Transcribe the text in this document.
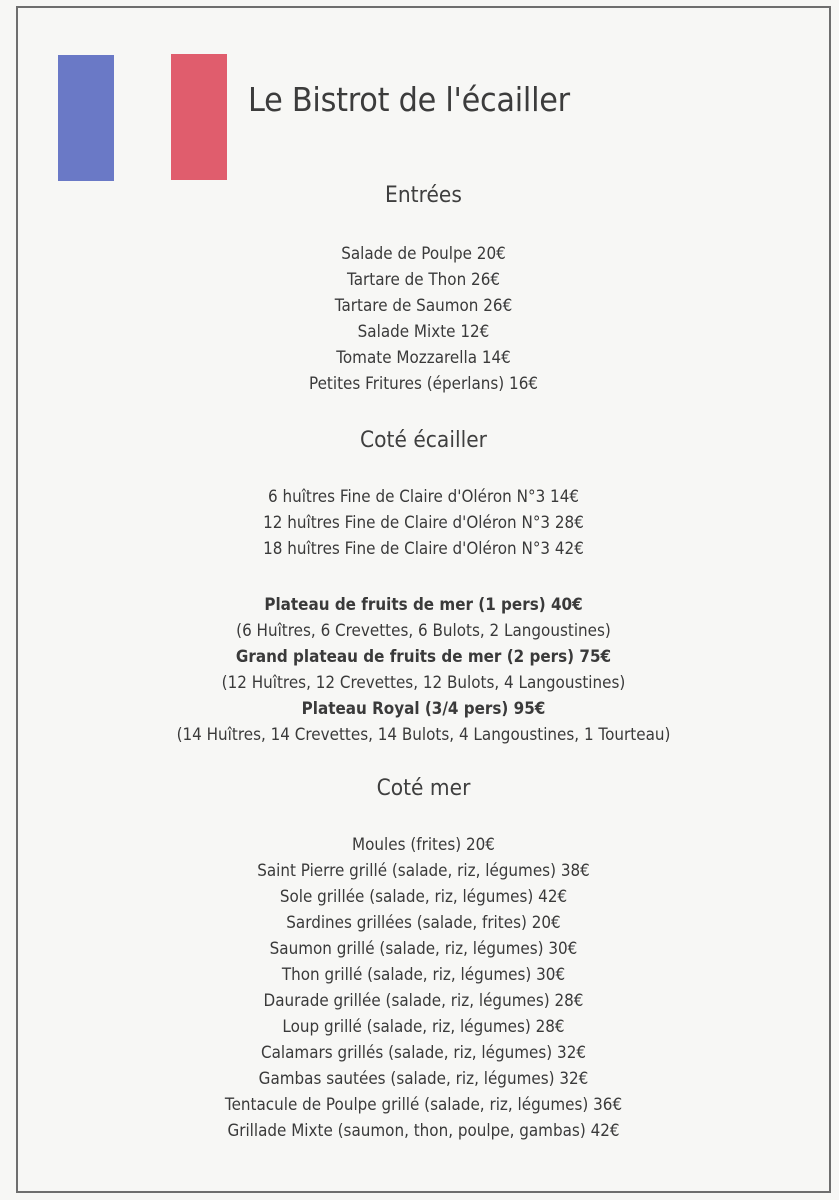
Le Bistrot de l'écailler
Entrées
Salade de Poulpe 20€
Tartare de Thon 26€
Tartare de Saumon 26€
Salade Mixte 12€
Tomate Mozzarella 14€
Petites Fritures (éperlans) 16€
Coté écailler
6 huîtres Fine de Claire d'Oléron N°3 14€
12 huîtres Fine de Claire d'Oléron N°3 28€
18 huîtres Fine de Claire d'Oléron N°3 42€
Plateau de fruits de mer (1 pers) 40€
(6 Huîtres, 6 Crevettes, 6 Bulots, 2 Langoustines)
Grand plateau de fruits de mer (2 pers) 75€
(12 Huîtres, 12 Crevettes, 12 Bulots, 4 Langoustines)
Plateau Royal (3/4 pers) 95€
(14 Huîtres, 14 Crevettes, 14 Bulots, 4 Langoustines, 1 Tourteau)
Coté mer
Moules (frites) 20€
Saint Pierre grillé (salade, riz, légumes) 38€
Sole grillée (salade, riz, légumes) 42€
Sardines grillées (salade, frites) 20€
Saumon grillé (salade, riz, légumes) 30€
Thon grillé (salade, riz, légumes) 30€
Daurade grillée (salade, riz, légumes) 28€
Loup grillé (salade, riz, légumes) 28€
Calamars grillés (salade, riz, légumes) 32€
Gambas sautées (salade, riz, légumes) 32€
Tentacule de Poulpe grillé (salade, riz, légumes) 36€
Grillade Mixte (saumon, thon, poulpe, gambas) 42€
